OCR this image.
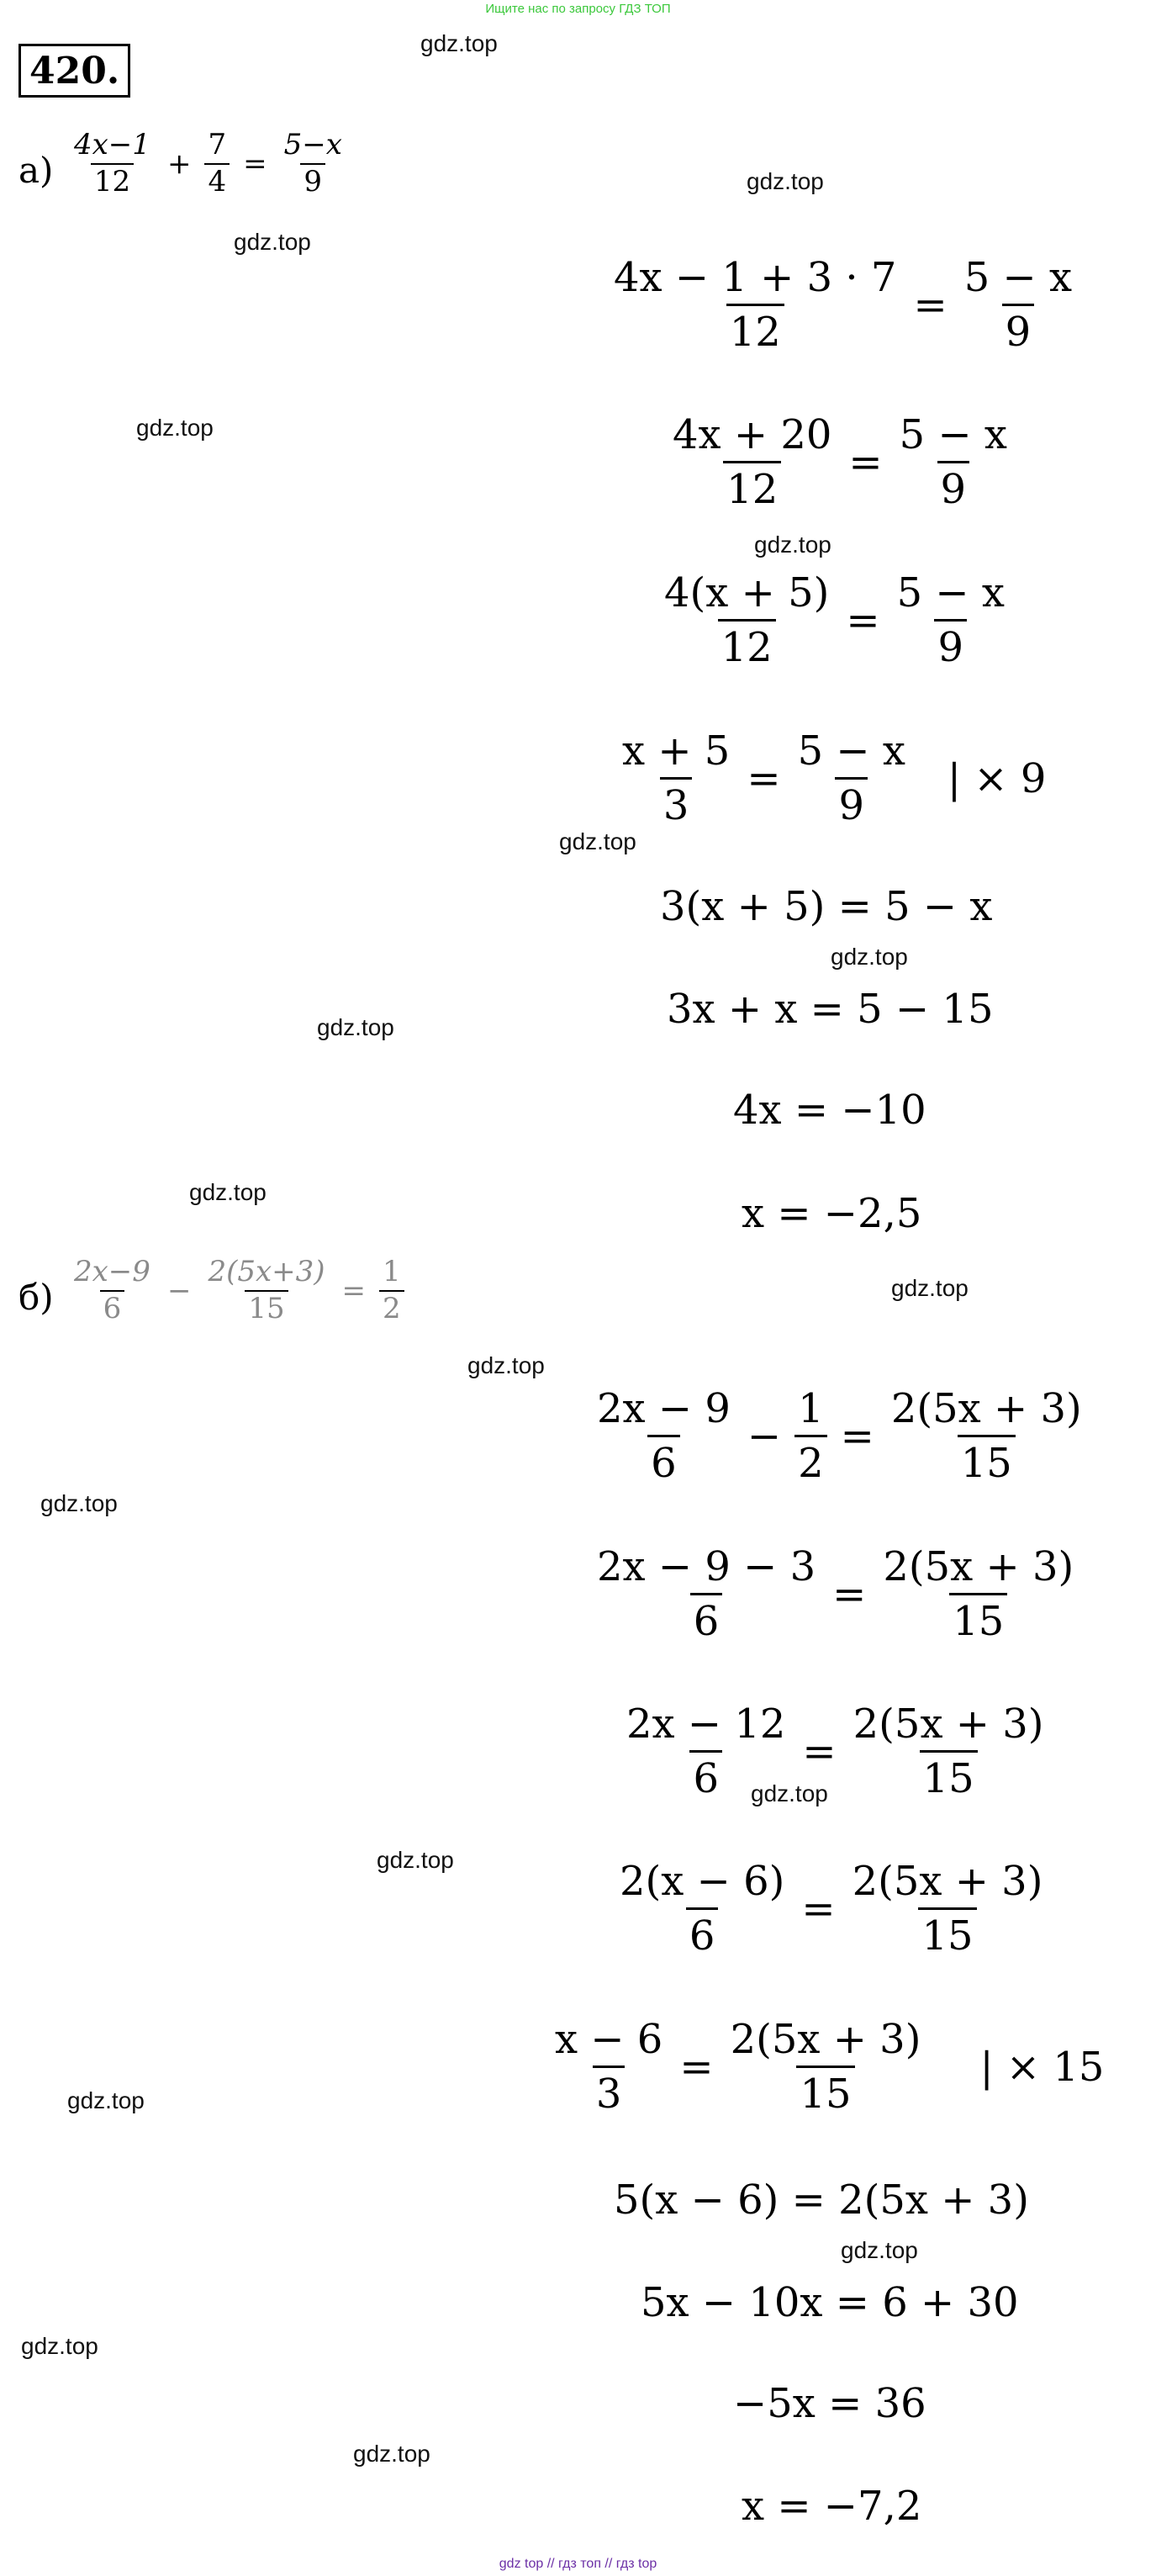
Ищите нас по запросу ГДЗ ТОП
420.
$а) \frac{4x-1}{12} + \frac{7}{4} = \frac{5-x}{9}$
$\frac{4x - 1 + 3 \cdot 7}{12} = \frac{5 - x}{9}$
$\frac{4x + 20}{12} = \frac{5 - x}{9}$
$\frac{4(x + 5)}{12} = \frac{5 - x}{9}$
$\frac{x + 5}{3} = \frac{5 - x}{9}$ | × 9
3(x + 5) = 5 − x
3x + x = 5 − 15
4x = −10
x = −2,5
$б) \frac{2x-9}{6} - \frac{2(5x+3)}{15} = \frac{1}{2}$
$\frac{2x - 9}{6} - \frac{1}{2} = \frac{2(5x + 3)}{15}$
$\frac{2x - 9 - 3}{6} = \frac{2(5x + 3)}{15}$
$\frac{2x - 12}{6} = \frac{2(5x + 3)}{15}$
$\frac{2(x - 6)}{6} = \frac{2(5x + 3)}{15}$
$\frac{x - 6}{3} = \frac{2(5x + 3)}{15}$ | × 15
5(x − 6) = 2(5x + 3)
5x − 10x = 6 + 30
−5x = 36
x = −7,2
gdz.top
gdz.top
gdz.top
gdz.top
gdz.top
gdz.top
gdz.top
gdz.top
gdz.top
gdz.top
gdz.top
gdz.top
gdz.top
gdz.top
gdz.top
gdz.top
gdz.top
gdz.top
gdz top // гдз топ // гдз top
